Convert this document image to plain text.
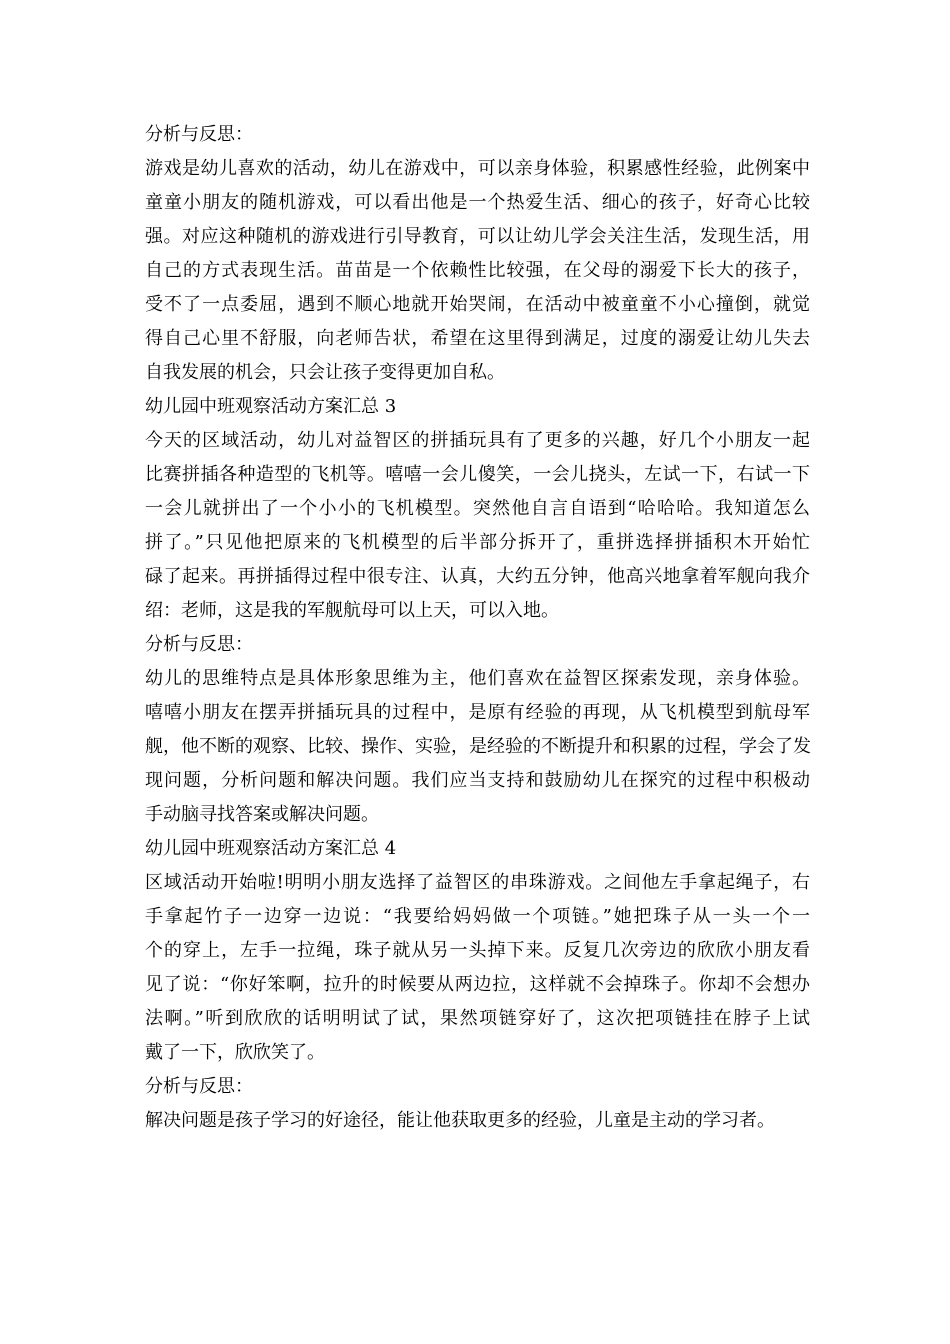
分析与反思：
游戏是幼儿喜欢的活动，幼儿在游戏中，可以亲身体验，积累感性经验，此例案中
童童小朋友的随机游戏，可以看出他是一个热爱生活、细心的孩子，好奇心比较
强。对应这种随机的游戏进行引导教育，可以让幼儿学会关注生活，发现生活，用
自己的方式表现生活。苗苗是一个依赖性比较强，在父母的溺爱下长大的孩子，
受不了一点委屈，遇到不顺心地就开始哭闹，在活动中被童童不小心撞倒，就觉
得自己心里不舒服，向老师告状，希望在这里得到满足，过度的溺爱让幼儿失去
自我发展的机会，只会让孩子变得更加自私。
幼儿园中班观察活动方案汇总 3
今天的区域活动，幼儿对益智区的拼插玩具有了更多的兴趣，好几个小朋友一起
比赛拼插各种造型的飞机等。嘻嘻一会儿傻笑，一会儿挠头，左试一下，右试一下
一会儿就拼出了一个小小的飞机模型。突然他自言自语到“哈哈哈。我知道怎么
拼了。”只见他把原来的飞机模型的后半部分拆开了，重拼选择拼插积木开始忙
碌了起来。再拼插得过程中很专注、认真，大约五分钟，他高兴地拿着军舰向我介
绍：老师，这是我的军舰航母可以上天，可以入地。
分析与反思：
幼儿的思维特点是具体形象思维为主，他们喜欢在益智区探索发现，亲身体验。
嘻嘻小朋友在摆弄拼插玩具的过程中，是原有经验的再现，从飞机模型到航母军
舰，他不断的观察、比较、操作、实验，是经验的不断提升和积累的过程，学会了发
现问题，分析问题和解决问题。我们应当支持和鼓励幼儿在探究的过程中积极动
手动脑寻找答案或解决问题。
幼儿园中班观察活动方案汇总 4
区域活动开始啦!明明小朋友选择了益智区的串珠游戏。之间他左手拿起绳子，右
手拿起竹子一边穿一边说：“我要给妈妈做一个项链。”她把珠子从一头一个一
个的穿上，左手一拉绳，珠子就从另一头掉下来。反复几次旁边的欣欣小朋友看
见了说：“你好笨啊，拉升的时候要从两边拉，这样就不会掉珠子。你却不会想办
法啊。”听到欣欣的话明明试了试，果然项链穿好了，这次把项链挂在脖子上试
戴了一下，欣欣笑了。
分析与反思：
解决问题是孩子学习的好途径，能让他获取更多的经验，儿童是主动的学习者。
